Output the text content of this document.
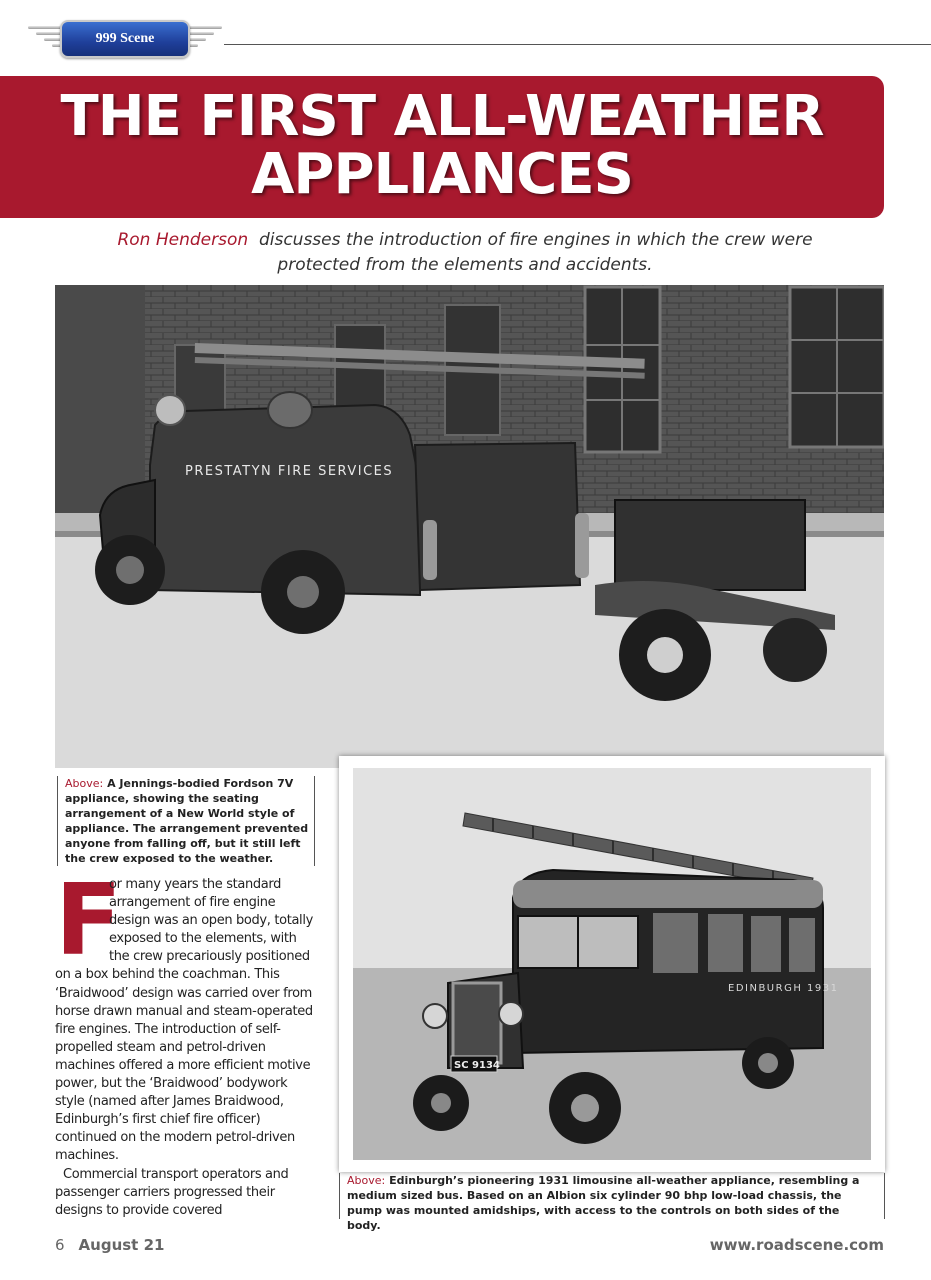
999 Scene
THE FIRST ALL-WEATHER
APPLIANCES

Ron Henderson discusses the introduction of fire engines in which the crew were protected from the elements and accidents.

PRESTATYN FIRE SERVICES

Above: A Jennings-bodied Fordson 7V appliance, showing the seating arrangement of a New World style of appliance. The arrangement prevented anyone from falling off, but it still left the crew exposed to the weather.

EDINBURGH 1931
SC 9134

Above: Edinburgh’s pioneering 1931 limousine all-weather appliance, resembling a medium sized bus. Based on an Albion six cylinder 90 bhp low-load chassis, the pump was mounted amidships, with access to the controls on both sides of the body.

F

or many years the standard arrangement of fire engine design was an open body, totally exposed to the elements, with the crew precariously positioned on a box behind the coachman. This ‘Braidwood’ design was carried over from horse drawn manual and steam-operated fire engines. The introduction of self-propelled steam and petrol-driven machines offered a more efficient motive power, but the ‘Braidwood’ bodywork style (named after James Braidwood, Edinburgh’s first chief fire officer) continued on the modern petrol-driven machines.

Commercial transport operators and passenger carriers progressed their designs to provide covered

6 August 21	www.roadscene.com
